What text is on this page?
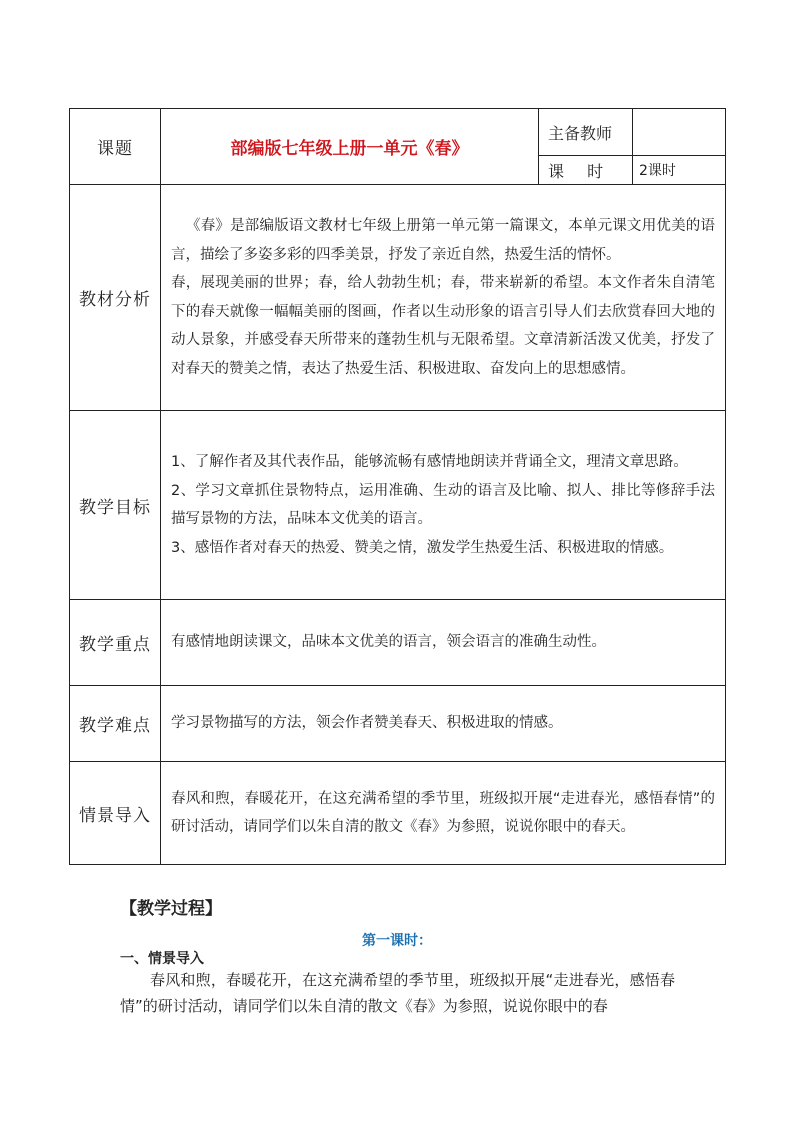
课题	部编版七年级上册一单元《春》	主备教师	
		课 时	2课时
教材分析	《春》是部编版语文教材七年级上册第一单元第一篇课文，本单元课文用优美的语言，描绘了多姿多彩的四季美景，抒发了亲近自然，热爱生活的情怀。

春，展现美丽的世界；春，给人勃勃生机；春，带来崭新的希望。本文作者朱自清笔下的春天就像一幅幅美丽的图画，作者以生动形象的语言引导人们去欣赏春回大地的动人景象，并感受春天所带来的蓬勃生机与无限希望。文章清新活泼又优美，抒发了对春天的赞美之情，表达了热爱生活、积极进取、奋发向上的思想感情。		

教学目标	1、了解作者及其代表作品，能够流畅有感情地朗读并背诵全文，理清文章思路。

2、学习文章抓住景物特点，运用准确、生动的语言及比喻、拟人、排比等修辞手法描写景物的方法，品味本文优美的语言。

3、感悟作者对春天的热爱、赞美之情，激发学生热爱生活、积极进取的情感。		

教学重点	有感情地朗读课文，品味本文优美的语言，领会语言的准确生动性。		

教学难点	学习景物描写的方法，领会作者赞美春天、积极进取的情感。		

情景导入	春风和煦，春暖花开，在这充满希望的季节里，班级拟开展“走进春光，感悟春情”的研讨活动，请同学们以朱自清的散文《春》为参照，说说你眼中的春天。		

【教学过程】
第一课时：
一、情景导入
春风和煦，春暖花开，在这充满希望的季节里，班级拟开展“走进春光，感悟春情”的研讨活动，请同学们以朱自清的散文《春》为参照，说说你眼中的春
